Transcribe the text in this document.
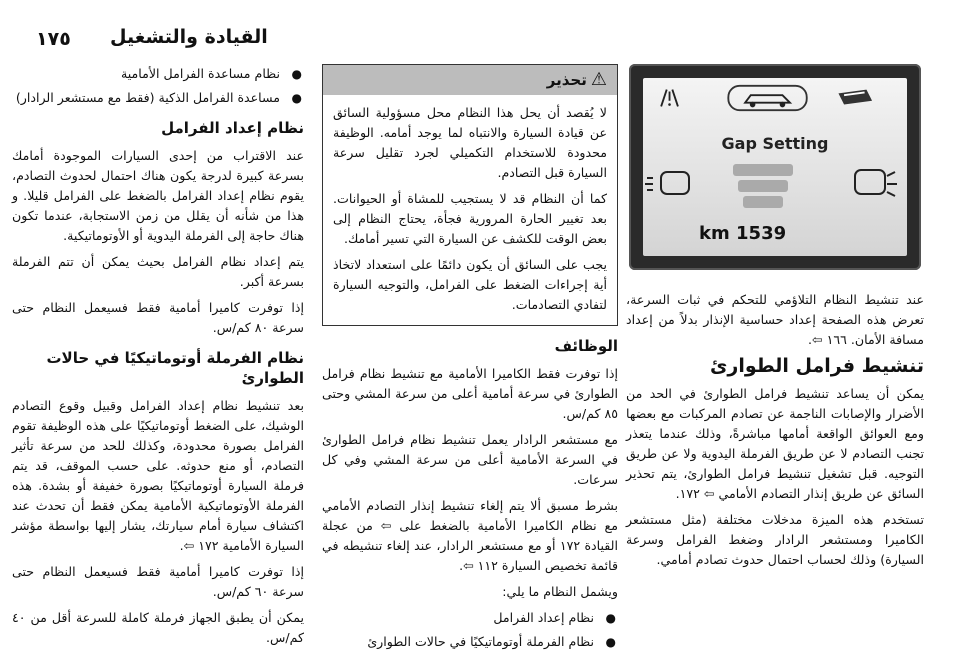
١٧٥ القيادة والتشغيل
● نظام مساعدة الفرامل الأمامية
● مساعدة الفرامل الذكية (فقط مع مستشعر الرادار)
نظام إعداد الفرامل

عند الاقتراب من إحدى السيارات الموجودة أمامك بسرعة كبيرة لدرجة يكون هناك احتمال لحدوث التصادم، يقوم نظام إعداد الفرامل بالضغط على الفرامل قليلا. و هذا من شأنه أن يقلل من زمن الاستجابة، عندما تكون هناك حاجة إلى الفرملة اليدوية أو الأوتوماتيكية.

يتم إعداد نظام الفرامل بحيث يمكن أن تتم الفرملة بسرعة أكبر.

إذا توفرت كاميرا أمامية فقط فسيعمل النظام حتى سرعة ٨٠ كم/س.

نظام الفرملة أوتوماتيكيًا في حالات الطوارئ

بعد تنشيط نظام إعداد الفرامل وقبيل وقوع التصادم الوشيك، على الضغط أوتوماتيكيًا على هذه الوظيفة تقوم الفرامل بصورة محدودة، وكذلك للحد من سرعة تأثير التصادم، أو منع حدوثه. على حسب الموقف، قد يتم فرملة السيارة أوتوماتيكيًا بصورة خفيفة أو بشدة. هذه الفرملة الأوتوماتيكية الأمامية يمكن فقط أن تحدث عند اكتشاف سيارة أمام سيارتك، يشار إليها بواسطة مؤشر السيارة الأمامية ١٧٢ ⇦.

إذا توفرت كاميرا أمامية فقط فسيعمل النظام حتى سرعة ٦٠ كم/س.

يمكن أن يطبق الجهاز فرملة كاملة للسرعة أقل من ٤٠ كم/س.

⚠
تحذير

لا يُقصد أن يحل هذا النظام محل مسؤولية السائق عن قيادة السيارة والانتباه لما يوجد أمامه. الوظيفة محدودة للاستخدام التكميلي لجرد تقليل سرعة السيارة قبل التصادم.

كما أن النظام قد لا يستجيب للمشاة أو الحيوانات. بعد تغيير الحارة المرورية فجأة، يحتاج النظام إلى بعض الوقت للكشف عن السيارة التي تسير أمامك.

يجب على السائق أن يكون دائمًا على استعداد لاتخاذ أية إجراءات الضغط على الفرامل، والتوجيه السيارة لتفادي التصادمات.

الوظائف

إذا توفرت فقط الكاميرا الأمامية مع تنشيط نظام فرامل الطوارئ في سرعة أمامية أعلى من سرعة المشي وحتى ٨٥ كم/س.

مع مستشعر الرادار يعمل تنشيط نظام فرامل الطوارئ في السرعة الأمامية أعلى من سرعة المشي وفي كل سرعات.

بشرط مسبق ألا يتم إلغاء تنشيط إنذار التصادم الأمامي مع نظام الكاميرا الأمامية بالضغط على ⇦ من عجلة القيادة ١٧٢ أو مع مستشعر الرادار، عند إلغاء تنشيطه في قائمة تخصيص السيارة ١١٢ ⇦.

ويشمل النظام ما يلي:

● نظام إعداد الفرامل
● نظام الفرملة أوتوماتيكيًا في حالات الطوارئ
Gap Setting
1539 km

عند تنشيط النظام التلاؤمي للتحكم في ثبات السرعة، تعرض هذه الصفحة إعداد حساسية الإنذار بدلاً من إعداد مسافة الأمان. ١٦٦ ⇦.

تنشيط فرامل الطوارئ

يمكن أن يساعد تنشيط فرامل الطوارئ في الحد من الأضرار والإصابات الناجمة عن تصادم المركبات مع بعضها ومع العوائق الواقعة أمامها مباشرةً، وذلك عندما يتعذر تجنب التصادم لا عن طريق الفرملة اليدوية ولا عن طريق التوجيه. قبل تشغيل تنشيط فرامل الطوارئ، يتم تحذير السائق عن طريق إنذار التصادم الأمامي ⇦ ١٧٢.

تستخدم هذه الميزة مدخلات مختلفة (مثل مستشعر الكاميرا ومستشعر الرادار وضغط الفرامل وسرعة السيارة) وذلك لحساب احتمال حدوث تصادم أمامي.
